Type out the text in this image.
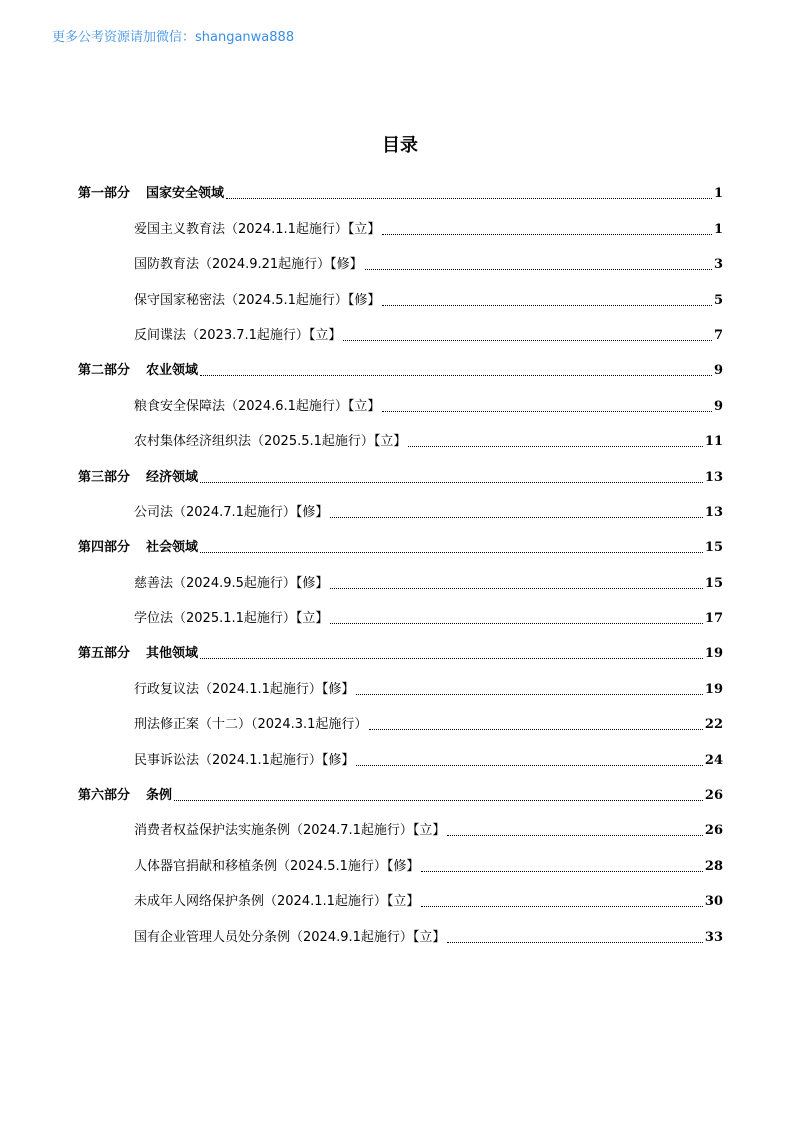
更多公考资源请加微信：shanganwa888
目录
第一部分 国家安全领域	1
爱国主义教育法（2024.1.1起施行）【立】	1
国防教育法（2024.9.21起施行）【修】	3
保守国家秘密法（2024.5.1起施行）【修】	5
反间谍法（2023.7.1起施行）【立】	7
第二部分 农业领域	9
粮食安全保障法（2024.6.1起施行）【立】	9
农村集体经济组织法（2025.5.1起施行）【立】	11
第三部分 经济领域	13
公司法（2024.7.1起施行）【修】	13
第四部分 社会领域	15
慈善法（2024.9.5起施行）【修】	15
学位法（2025.1.1起施行）【立】	17
第五部分 其他领域	19
行政复议法（2024.1.1起施行）【修】	19
刑法修正案（十二）（2024.3.1起施行）	22
民事诉讼法（2024.1.1起施行）【修】	24
第六部分 条例	26
消费者权益保护法实施条例（2024.7.1起施行）【立】	26
人体器官捐献和移植条例（2024.5.1施行）【修】	28
未成年人网络保护条例（2024.1.1起施行）【立】	30
国有企业管理人员处分条例（2024.9.1起施行）【立】	33
